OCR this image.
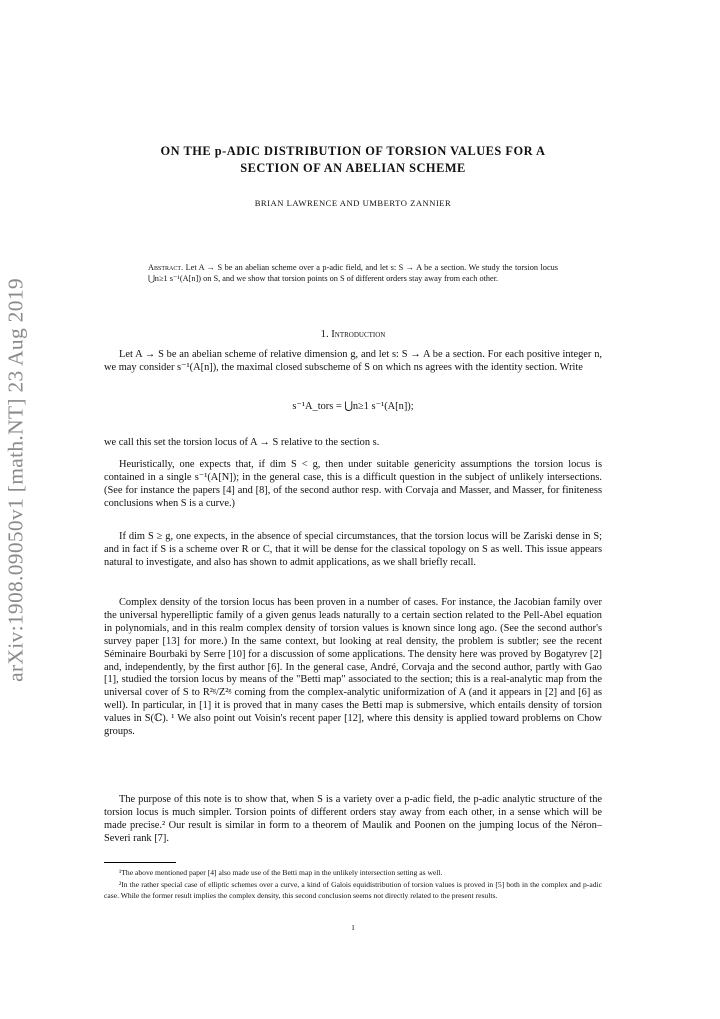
arXiv:1908.09050v1 [math.NT] 23 Aug 2019
ON THE p-ADIC DISTRIBUTION OF TORSION VALUES FOR A
SECTION OF AN ABELIAN SCHEME
BRIAN LAWRENCE AND UMBERTO ZANNIER
Abstract. Let A → S be an abelian scheme over a p-adic field, and let s: S → A be a section. We study the torsion locus ⋃n≥1 s⁻¹(A[n]) on S, and we show that torsion points on S of different orders stay away from each other.
1. Introduction

Let A → S be an abelian scheme of relative dimension g, and let s: S → A be a section. For each positive integer n, we may consider s⁻¹(A[n]), the maximal closed subscheme of S on which ns agrees with the identity section. Write

s⁻¹A_tors = ⋃n≥1 s⁻¹(A[n]);

we call this set the torsion locus of A → S relative to the section s.

Heuristically, one expects that, if dim S < g, then under suitable genericity assumptions the torsion locus is contained in a single s⁻¹(A[N]); in the general case, this is a difficult question in the subject of unlikely intersections. (See for instance the papers [4] and [8], of the second author resp. with Corvaja and Masser, and Masser, for finiteness conclusions when S is a curve.)

If dim S ≥ g, one expects, in the absence of special circumstances, that the torsion locus will be Zariski dense in S; and in fact if S is a scheme over R or C, that it will be dense for the classical topology on S as well. This issue appears natural to investigate, and also has shown to admit applications, as we shall briefly recall.

Complex density of the torsion locus has been proven in a number of cases. For instance, the Jacobian family over the universal hyperelliptic family of a given genus leads naturally to a certain section related to the Pell-Abel equation in polynomials, and in this realm complex density of torsion values is known since long ago. (See the second author's survey paper [13] for more.) In the same context, but looking at real density, the problem is subtler; see the recent Séminaire Bourbaki by Serre [10] for a discussion of some applications. The density here was proved by Bogatyrev [2] and, independently, by the first author [6]. In the general case, André, Corvaja and the second author, partly with Gao [1], studied the torsion locus by means of the "Betti map" associated to the section; this is a real-analytic map from the universal cover of S to R²ᵍ/Z²ᵍ coming from the complex-analytic uniformization of A (and it appears in [2] and [6] as well). In particular, in [1] it is proved that in many cases the Betti map is submersive, which entails density of torsion values in S(ℂ). ¹ We also point out Voisin's recent paper [12], where this density is applied toward problems on Chow groups.

The purpose of this note is to show that, when S is a variety over a p-adic field, the p-adic analytic structure of the torsion locus is much simpler. Torsion points of different orders stay away from each other, in a sense which will be made precise.² Our result is similar in form to a theorem of Maulik and Poonen on the jumping locus of the Néron–Severi rank [7].

¹The above mentioned paper [4] also made use of the Betti map in the unlikely intersection setting as well.

²In the rather special case of elliptic schemes over a curve, a kind of Galois equidistribution of torsion values is proved in [5] both in the complex and p-adic case. While the former result implies the complex density, this second conclusion seems not directly related to the present results.

1
